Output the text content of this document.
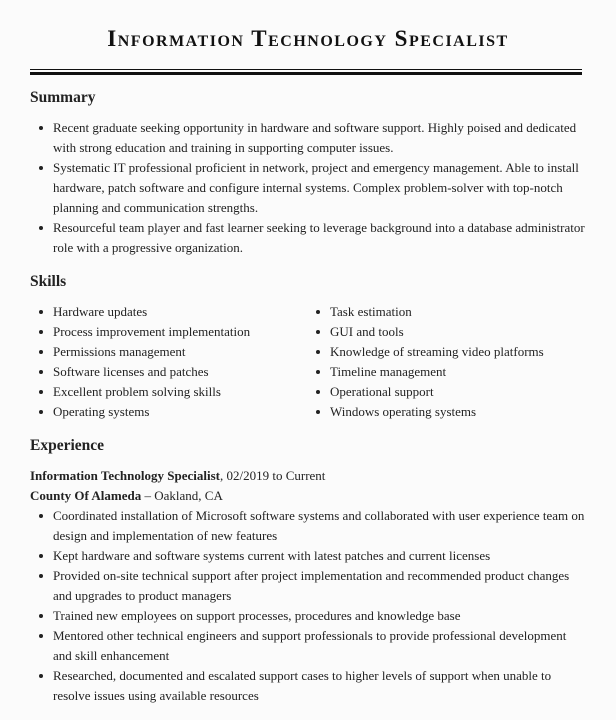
Information Technology Specialist
Summary
Recent graduate seeking opportunity in hardware and software support. Highly poised and dedicated with strong education and training in supporting computer issues.
Systematic IT professional proficient in network, project and emergency management. Able to install hardware, patch software and configure internal systems. Complex problem-solver with top-notch planning and communication strengths.
Resourceful team player and fast learner seeking to leverage background into a database administrator role with a progressive organization.
Skills
Hardware updates
Process improvement implementation
Permissions management
Software licenses and patches
Excellent problem solving skills
Operating systems
Task estimation
GUI and tools
Knowledge of streaming video platforms
Timeline management
Operational support
Windows operating systems
Experience
Information Technology Specialist, 02/2019 to Current
County Of Alameda – Oakland, CA
Coordinated installation of Microsoft software systems and collaborated with user experience team on design and implementation of new features
Kept hardware and software systems current with latest patches and current licenses
Provided on-site technical support after project implementation and recommended product changes and upgrades to product managers
Trained new employees on support processes, procedures and knowledge base
Mentored other technical engineers and support professionals to provide professional development and skill enhancement
Researched, documented and escalated support cases to higher levels of support when unable to resolve issues using available resources
